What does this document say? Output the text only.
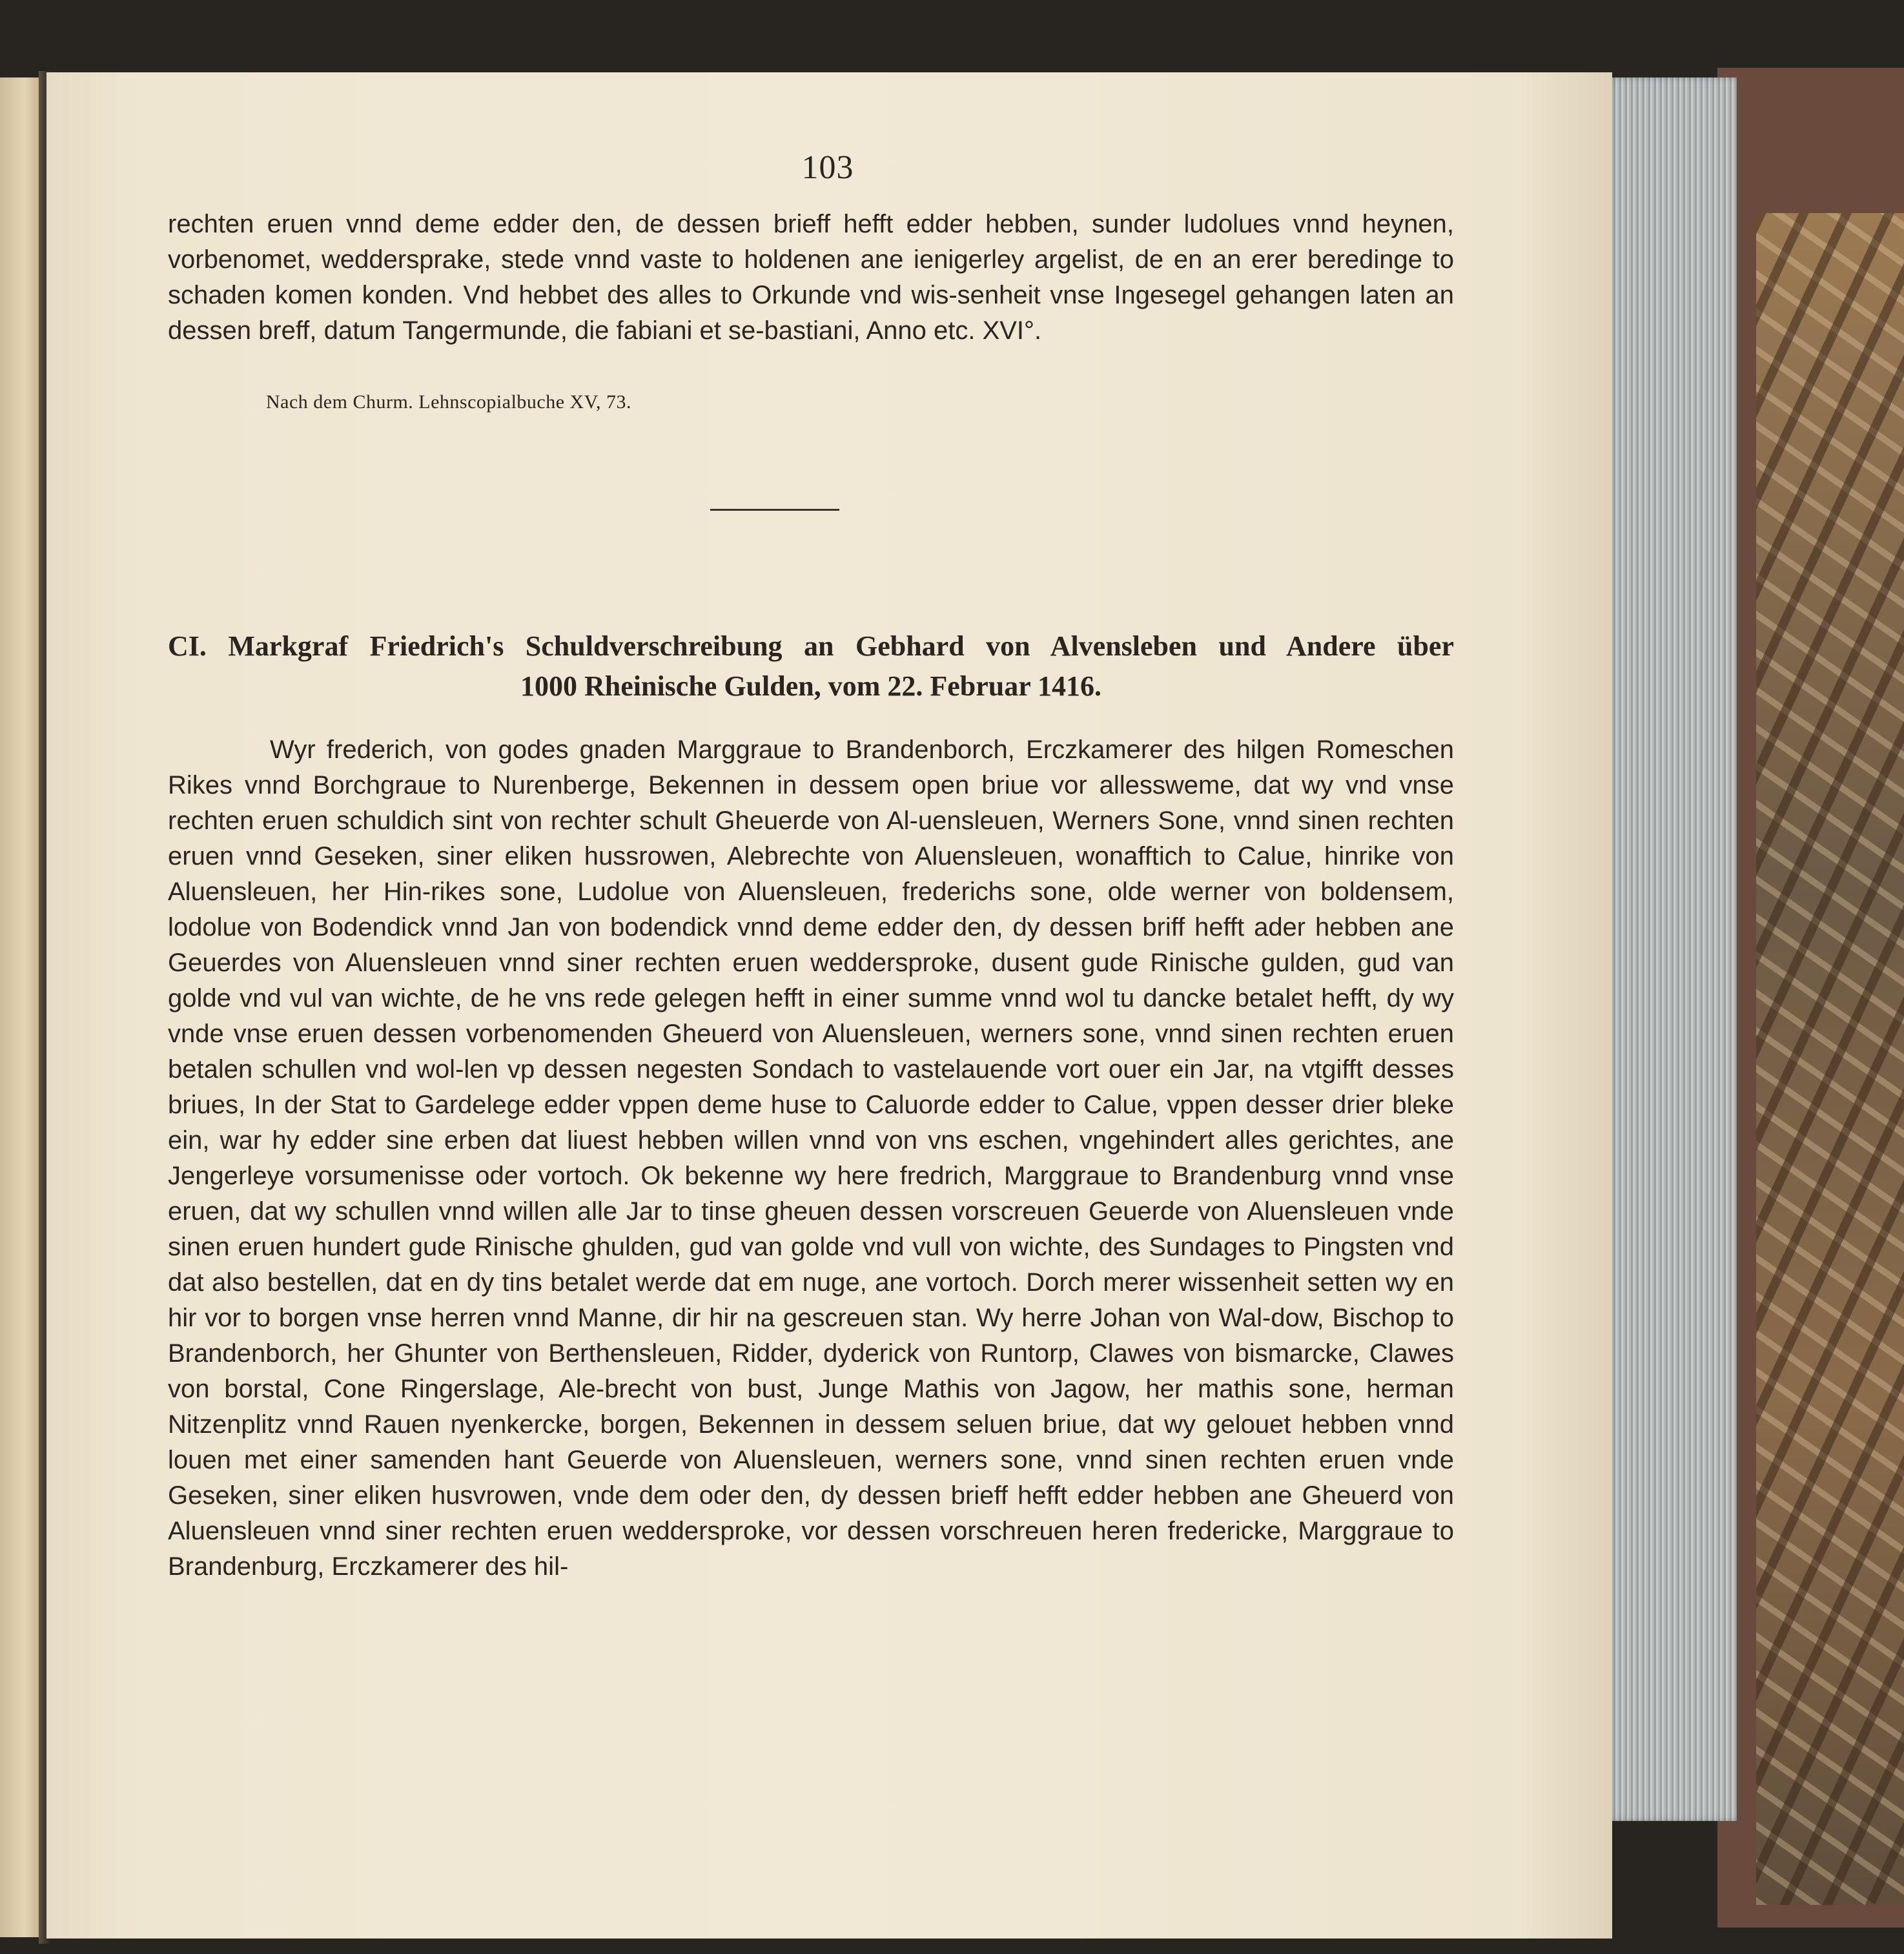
103

rechten eruen vnnd deme edder den, de dessen brieff hefft edder hebben, sunder ludolues vnnd heynen, vorbenomet, weddersprake, stede vnnd vaste to holdenen ane ienigerley argelist, de en an erer beredinge to schaden komen konden. Vnd hebbet des alles to Orkunde vnd wis-senheit vnse Ingesegel gehangen laten an dessen breff, datum Tangermunde, die fabiani et se-bastiani, Anno etc. XVI°.

Nach dem Churm. Lehnscopialbuche XV, 73.
CI. Markgraf Friedrich's Schuldverschreibung an Gebhard von Alvensleben und Andere über
1000 Rheinische Gulden, vom 22. Februar 1416.

Wyr frederich, von godes gnaden Marggraue to Brandenborch, Erczkamerer des hilgen Romeschen Rikes vnnd Borchgraue to Nurenberge, Bekennen in dessem open briue vor allessweme, dat wy vnd vnse rechten eruen schuldich sint von rechter schult Gheuerde von Al-uensleuen, Werners Sone, vnnd sinen rechten eruen vnnd Geseken, siner eliken hussrowen, Alebrechte von Aluensleuen, wonafftich to Calue, hinrike von Aluensleuen, her Hin-rikes sone, Ludolue von Aluensleuen, frederichs sone, olde werner von boldensem, lodolue von Bodendick vnnd Jan von bodendick vnnd deme edder den, dy dessen briff hefft ader hebben ane Geuerdes von Aluensleuen vnnd siner rechten eruen weddersproke, dusent gude Rinische gulden, gud van golde vnd vul van wichte, de he vns rede gelegen hefft in einer summe vnnd wol tu dancke betalet hefft, dy wy vnde vnse eruen dessen vorbenomenden Gheuerd von Aluensleuen, werners sone, vnnd sinen rechten eruen betalen schullen vnd wol-len vp dessen negesten Sondach to vastelauende vort ouer ein Jar, na vtgifft desses briues, In der Stat to Gardelege edder vppen deme huse to Caluorde edder to Calue, vppen desser drier bleke ein, war hy edder sine erben dat liuest hebben willen vnnd von vns eschen, vngehindert alles gerichtes, ane Jengerleye vorsumenisse oder vortoch. Ok bekenne wy here fredrich, Marggraue to Brandenburg vnnd vnse eruen, dat wy schullen vnnd willen alle Jar to tinse gheuen dessen vorscreuen Geuerde von Aluensleuen vnde sinen eruen hundert gude Rinische ghulden, gud van golde vnd vull von wichte, des Sundages to Pingsten vnd dat also bestellen, dat en dy tins betalet werde dat em nuge, ane vortoch. Dorch merer wissenheit setten wy en hir vor to borgen vnse herren vnnd Manne, dir hir na gescreuen stan. Wy herre Johan von Wal-dow, Bischop to Brandenborch, her Ghunter von Berthensleuen, Ridder, dyderick von Runtorp, Clawes von bismarcke, Clawes von borstal, Cone Ringerslage, Ale-brecht von bust, Junge Mathis von Jagow, her mathis sone, herman Nitzenplitz vnnd Rauen nyenkercke, borgen, Bekennen in dessem seluen briue, dat wy gelouet hebben vnnd louen met einer samenden hant Geuerde von Aluensleuen, werners sone, vnnd sinen rechten eruen vnde Geseken, siner eliken husvrowen, vnde dem oder den, dy dessen brieff hefft edder hebben ane Gheuerd von Aluensleuen vnnd siner rechten eruen weddersproke, vor dessen vorschreuen heren fredericke, Marggraue to Brandenburg, Erczkamerer des hil-
